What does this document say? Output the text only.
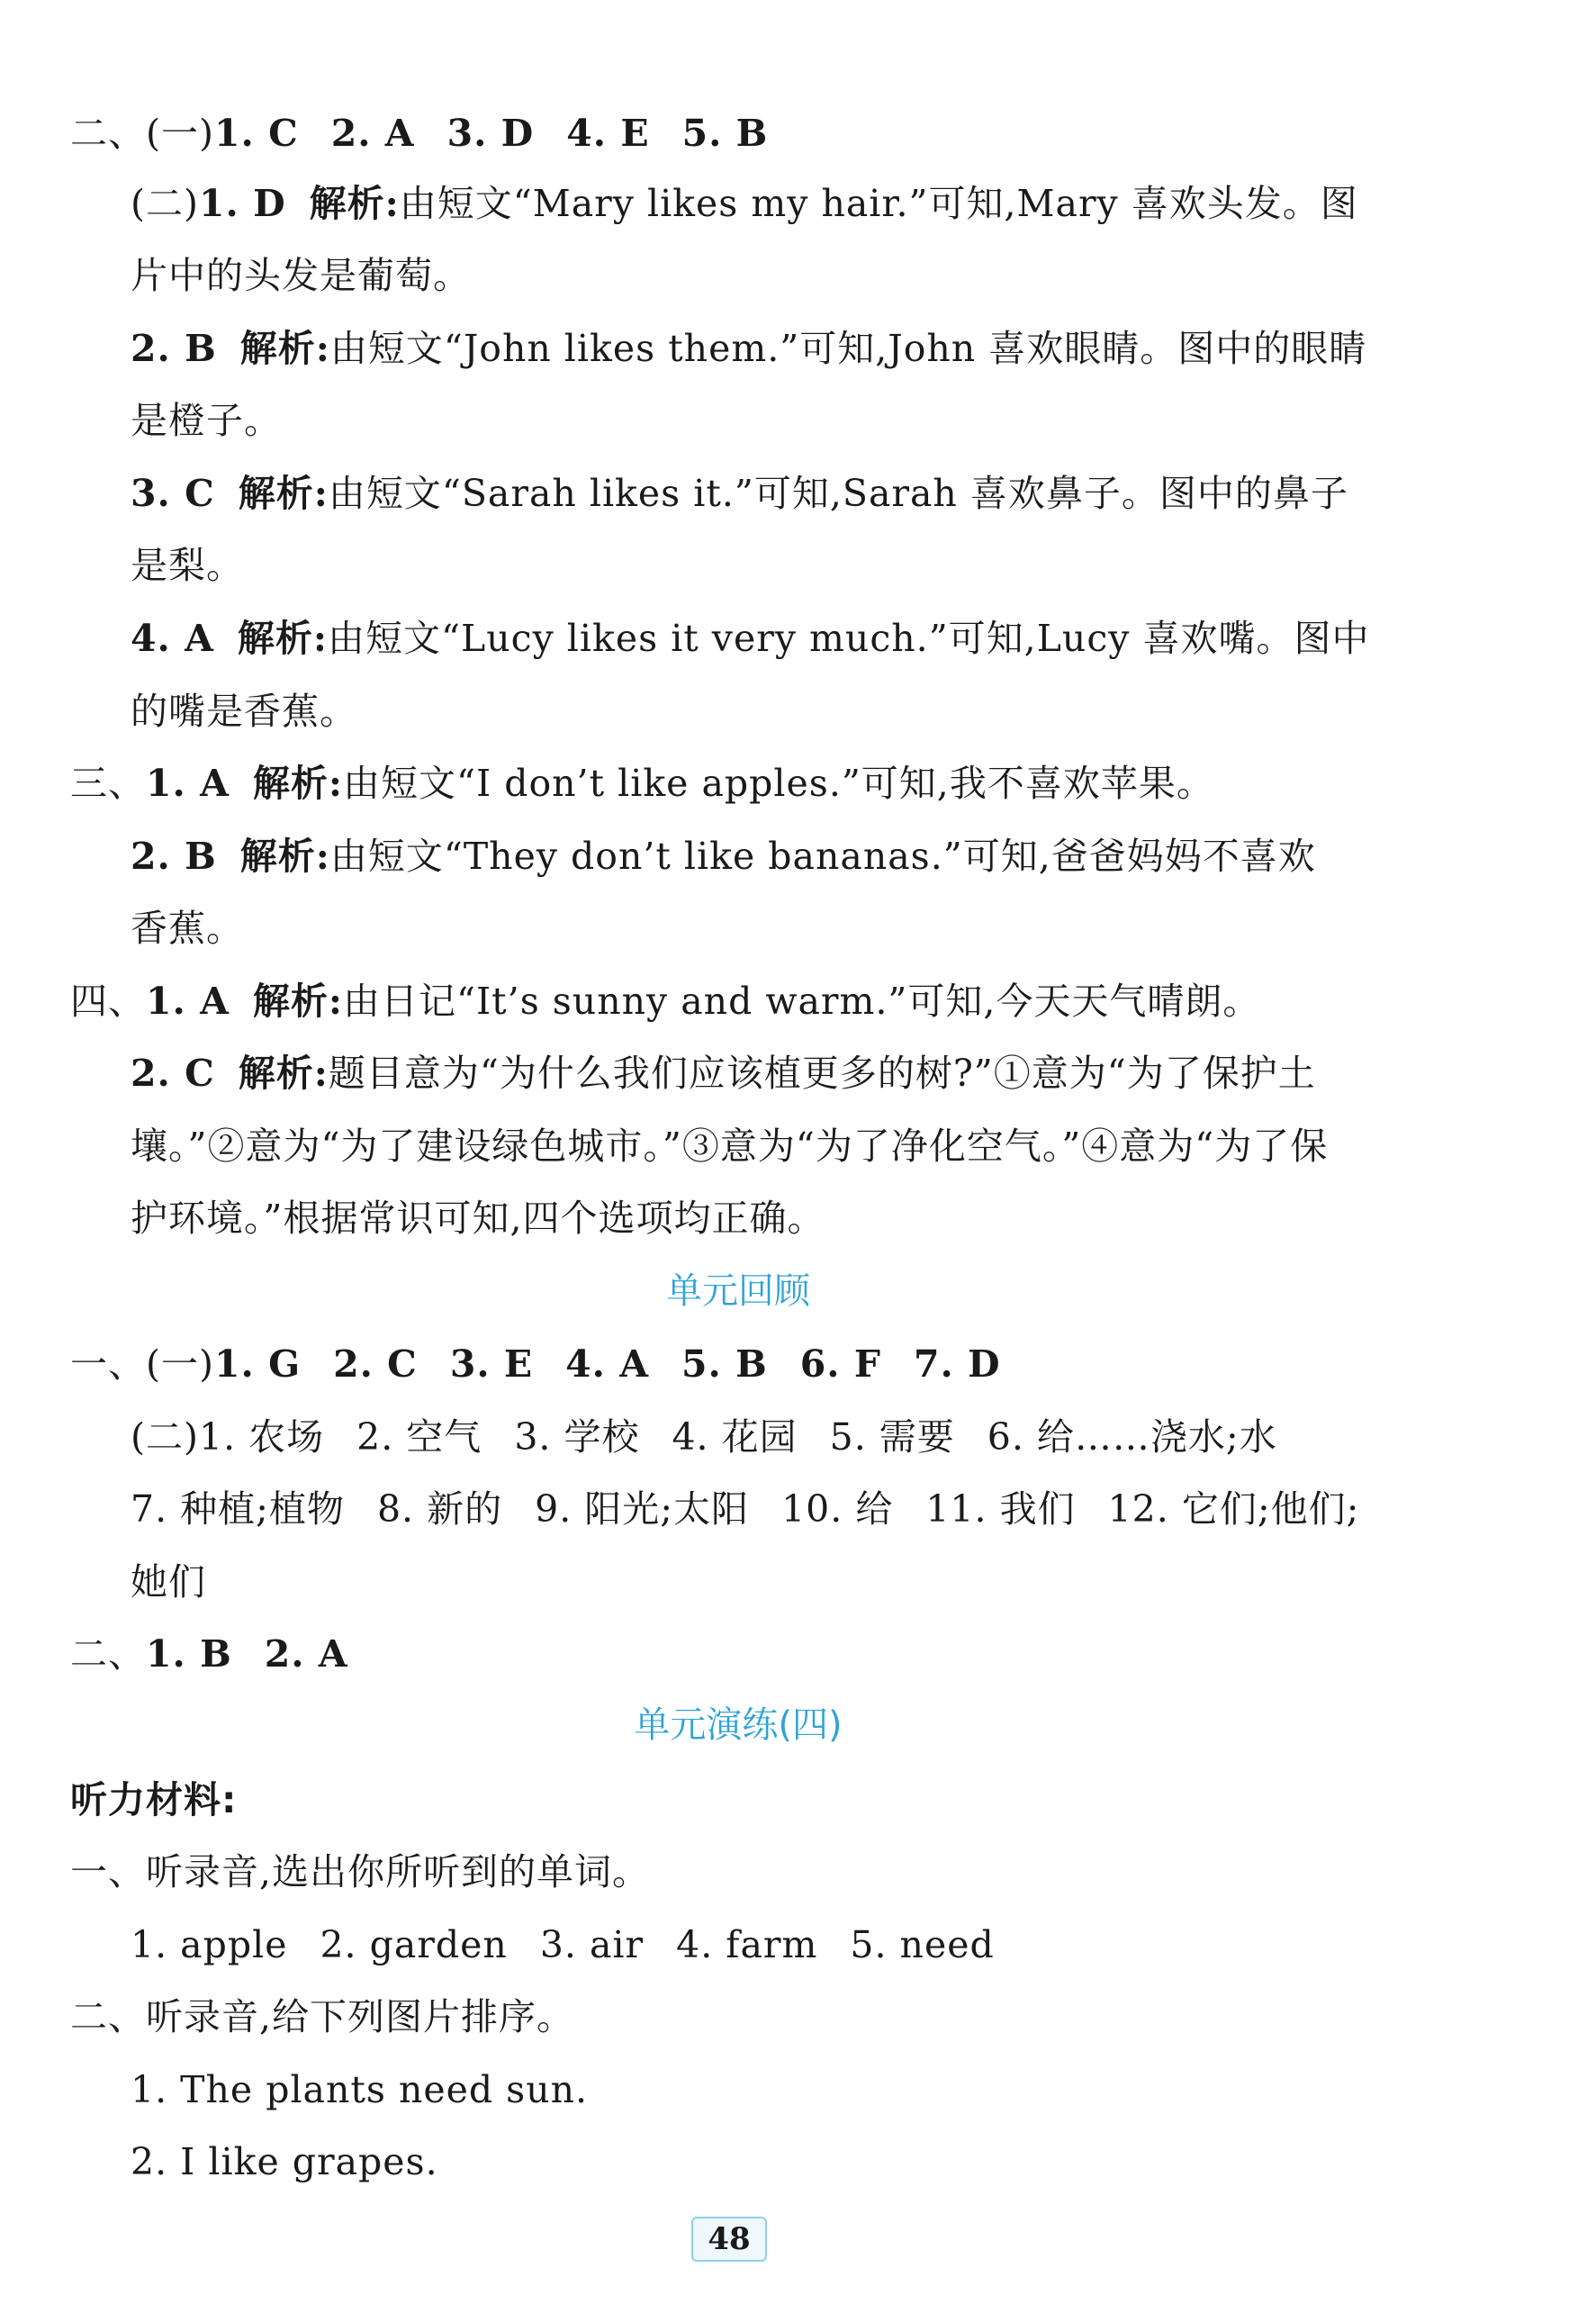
二、(一)1. C 2. A 3. D 4. E 5. B
(二)1. D 解析:由短文“Mary likes my hair.”可知,Mary 喜欢头发。图
片中的头发是葡萄。
2. B 解析:由短文“John likes them.”可知,John 喜欢眼睛。图中的眼睛
是橙子。
3. C 解析:由短文“Sarah likes it.”可知,Sarah 喜欢鼻子。图中的鼻子
是梨。
4. A 解析:由短文“Lucy likes it very much.”可知,Lucy 喜欢嘴。图中
的嘴是香蕉。
三、1. A 解析:由短文“I don’t like apples.”可知,我不喜欢苹果。
2. B 解析:由短文“They don’t like bananas.”可知,爸爸妈妈不喜欢
香蕉。
四、1. A 解析:由日记“It’s sunny and warm.”可知,今天天气晴朗。
2. C 解析:题目意为“为什么我们应该植更多的树?”①意为“为了保护土
壤。”②意为“为了建设绿色城市。”③意为“为了净化空气。”④意为“为了保
护环境。”根据常识可知,四个选项均正确。
单元回顾
一、(一)1. G 2. C 3. E 4. A 5. B 6. F 7. D
(二)1. 农场 2. 空气 3. 学校 4. 花园 5. 需要 6. 给……浇水;水
7. 种植;植物 8. 新的 9. 阳光;太阳 10. 给 11. 我们 12. 它们;他们;
她们
二、1. B 2. A
单元演练(四)
听力材料:
一、听录音,选出你所听到的单词。
1. apple 2. garden 3. air 4. farm 5. need
二、听录音,给下列图片排序。
1. The plants need sun.
2. I like grapes.
48
